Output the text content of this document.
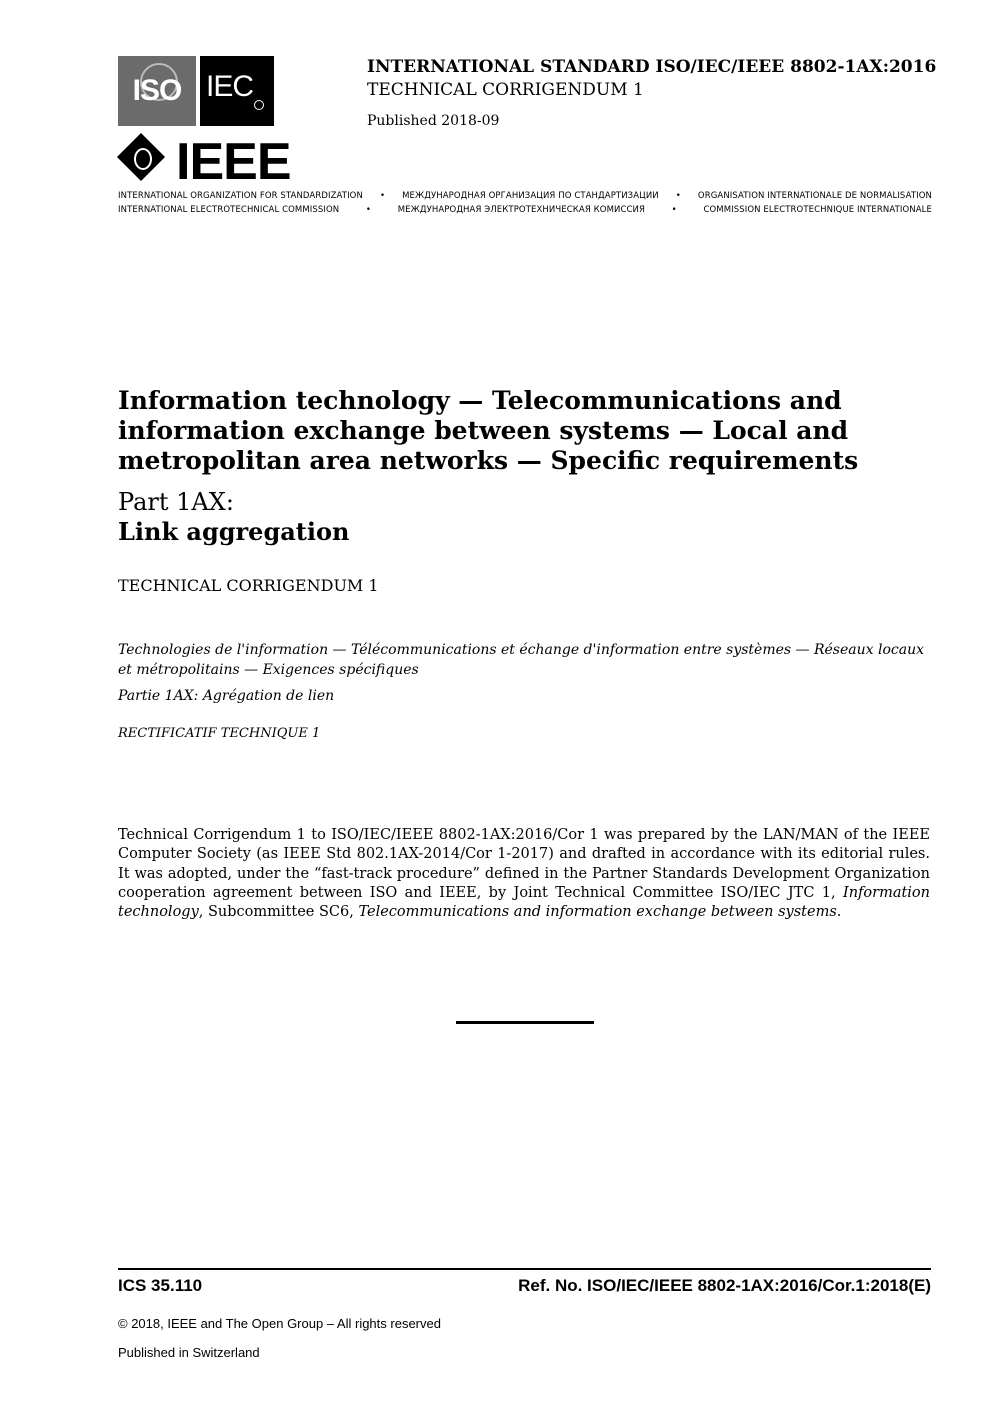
ISO IEC
IEEE
INTERNATIONAL STANDARD ISO/IEC/IEEE 8802-1AX:2016
TECHNICAL CORRIGENDUM 1
Published 2018-09
INTERNATIONAL ORGANIZATION FOR STANDARDIZATION • МЕЖДУНАРОДНАЯ ОРГАНИЗАЦИЯ ПО СТАНДАРТИЗАЦИИ • ORGANISATION INTERNATIONALE DE NORMALISATION
INTERNATIONAL ELECTROTECHNICAL COMMISSION	•	МЕЖДУНАРОДНАЯ ЭЛЕКТРОТЕХНИЧЕСКАЯ КОМИССИЯ	•	COMMISSION ELECTROTECHNIQUE INTERNATIONALE
Information technology — Telecommunications and information exchange between systems — Local and metropolitan area networks — Specific requirements
Part 1AX:
Link aggregation
TECHNICAL CORRIGENDUM 1
Technologies de l'information — Télécommunications et échange d'information entre systèmes — Réseaux locaux et métropolitains — Exigences spécifiques
Partie 1AX: Agrégation de lien
RECTIFICATIF TECHNIQUE 1
Technical Corrigendum 1 to ISO/IEC/IEEE 8802-1AX:2016/Cor 1 was prepared by the LAN/MAN of the IEEE Computer Society (as IEEE Std 802.1AX-2014/Cor 1-2017) and drafted in accordance with its editorial rules. It was adopted, under the “fast-track procedure” defined in the Partner Standards Development Organization cooperation agreement between ISO and IEEE, by Joint Technical Committee ISO/IEC JTC 1, Information technology, Subcommittee SC6, Telecommunications and information exchange between systems.
ICS 35.110	Ref. No. ISO/IEC/IEEE 8802-1AX:2016/Cor.1:2018(E)
© 2018, IEEE and The Open Group – All rights reserved
Published in Switzerland
